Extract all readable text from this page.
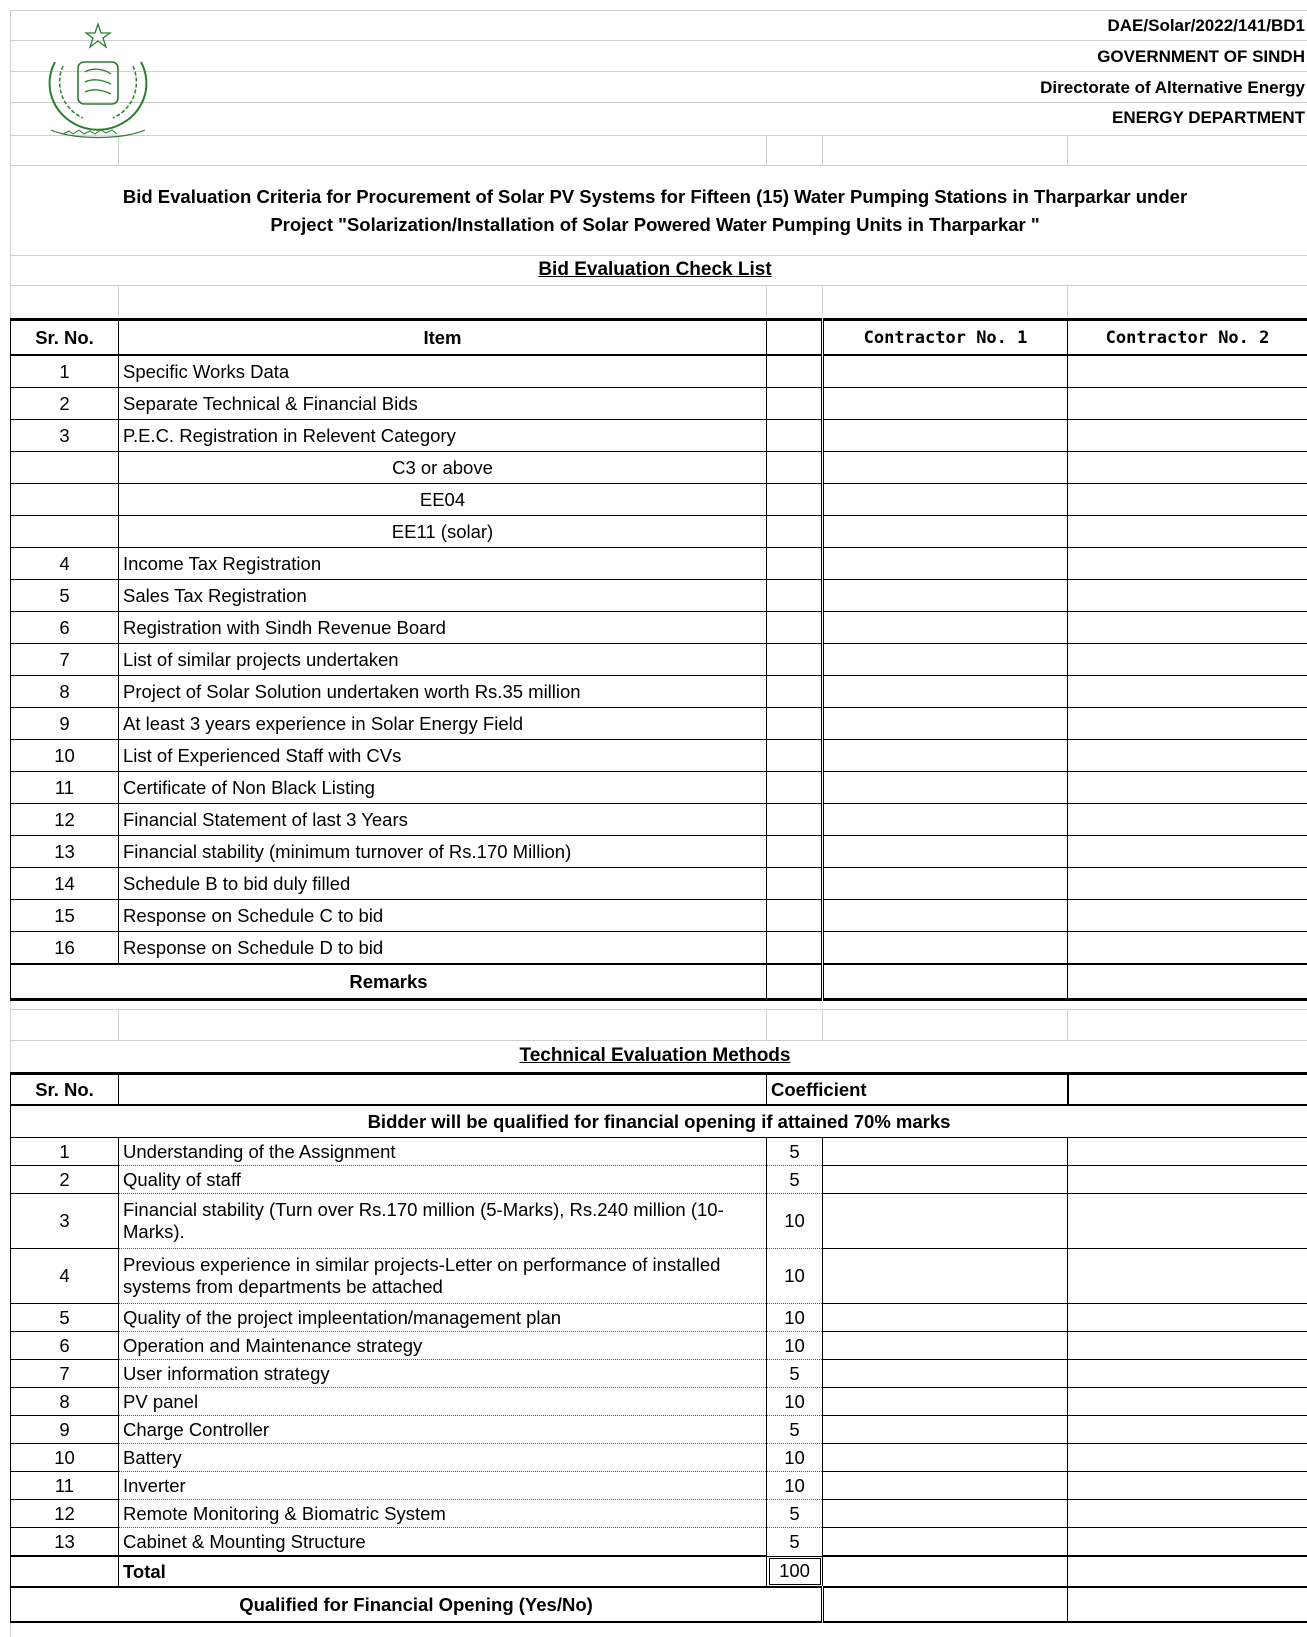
DAE/Solar/2022/141/BD1
GOVERNMENT OF SINDH
Directorate of Alternative Energy
ENERGY DEPARTMENT
Bid Evaluation Criteria for Procurement of Solar PV Systems for Fifteen (15) Water Pumping Stations in Tharparkar under
Project "Solarization/Installation of Solar Powered Water Pumping Units in Tharparkar "
Bid Evaluation Check List
Sr. No.	Item		Contractor No. 1	Contractor No. 2
1	Specific Works Data			
2	Separate Technical & Financial Bids			
3	P.E.C. Registration in Relevent Category			
	C3 or above			
	EE04			
	EE11 (solar)			
4	Income Tax Registration			
5	Sales Tax Registration			
6	Registration with Sindh Revenue Board			
7	List of similar projects undertaken			
8	Project of Solar Solution undertaken worth Rs.35 million			
9	At least 3 years experience in Solar Energy Field			
10	List of Experienced Staff with CVs			
11	Certificate of Non Black Listing			
12	Financial Statement of last 3 Years			
13	Financial stability (minimum turnover of Rs.170 Million)			
14	Schedule B to bid duly filled			
15	Response on Schedule C to bid			
16	Response on Schedule D to bid			
Remarks				
Technical Evaluation Methods
Sr. No.		Coefficient		
Bidder will be qualified for financial opening if attained 70% marks				
1	Understanding of the Assignment	5		
2	Quality of staff	5		
3	Financial stability (Turn over Rs.170 million (5-Marks), Rs.240 million (10-Marks).	10		
4	Previous experience in similar projects-Letter on performance of installed systems from departments be attached	10		
5	Quality of the project impleentation/management plan	10		
6	Operation and Maintenance strategy	10		
7	User information strategy	5		
8	PV panel	10		
9	Charge Controller	5		
10	Battery	10		
11	Inverter	10		
12	Remote Monitoring & Biomatric System	5		
13	Cabinet & Mounting Structure	5		
	Total	100		
Qualified for Financial Opening (Yes/No)				
